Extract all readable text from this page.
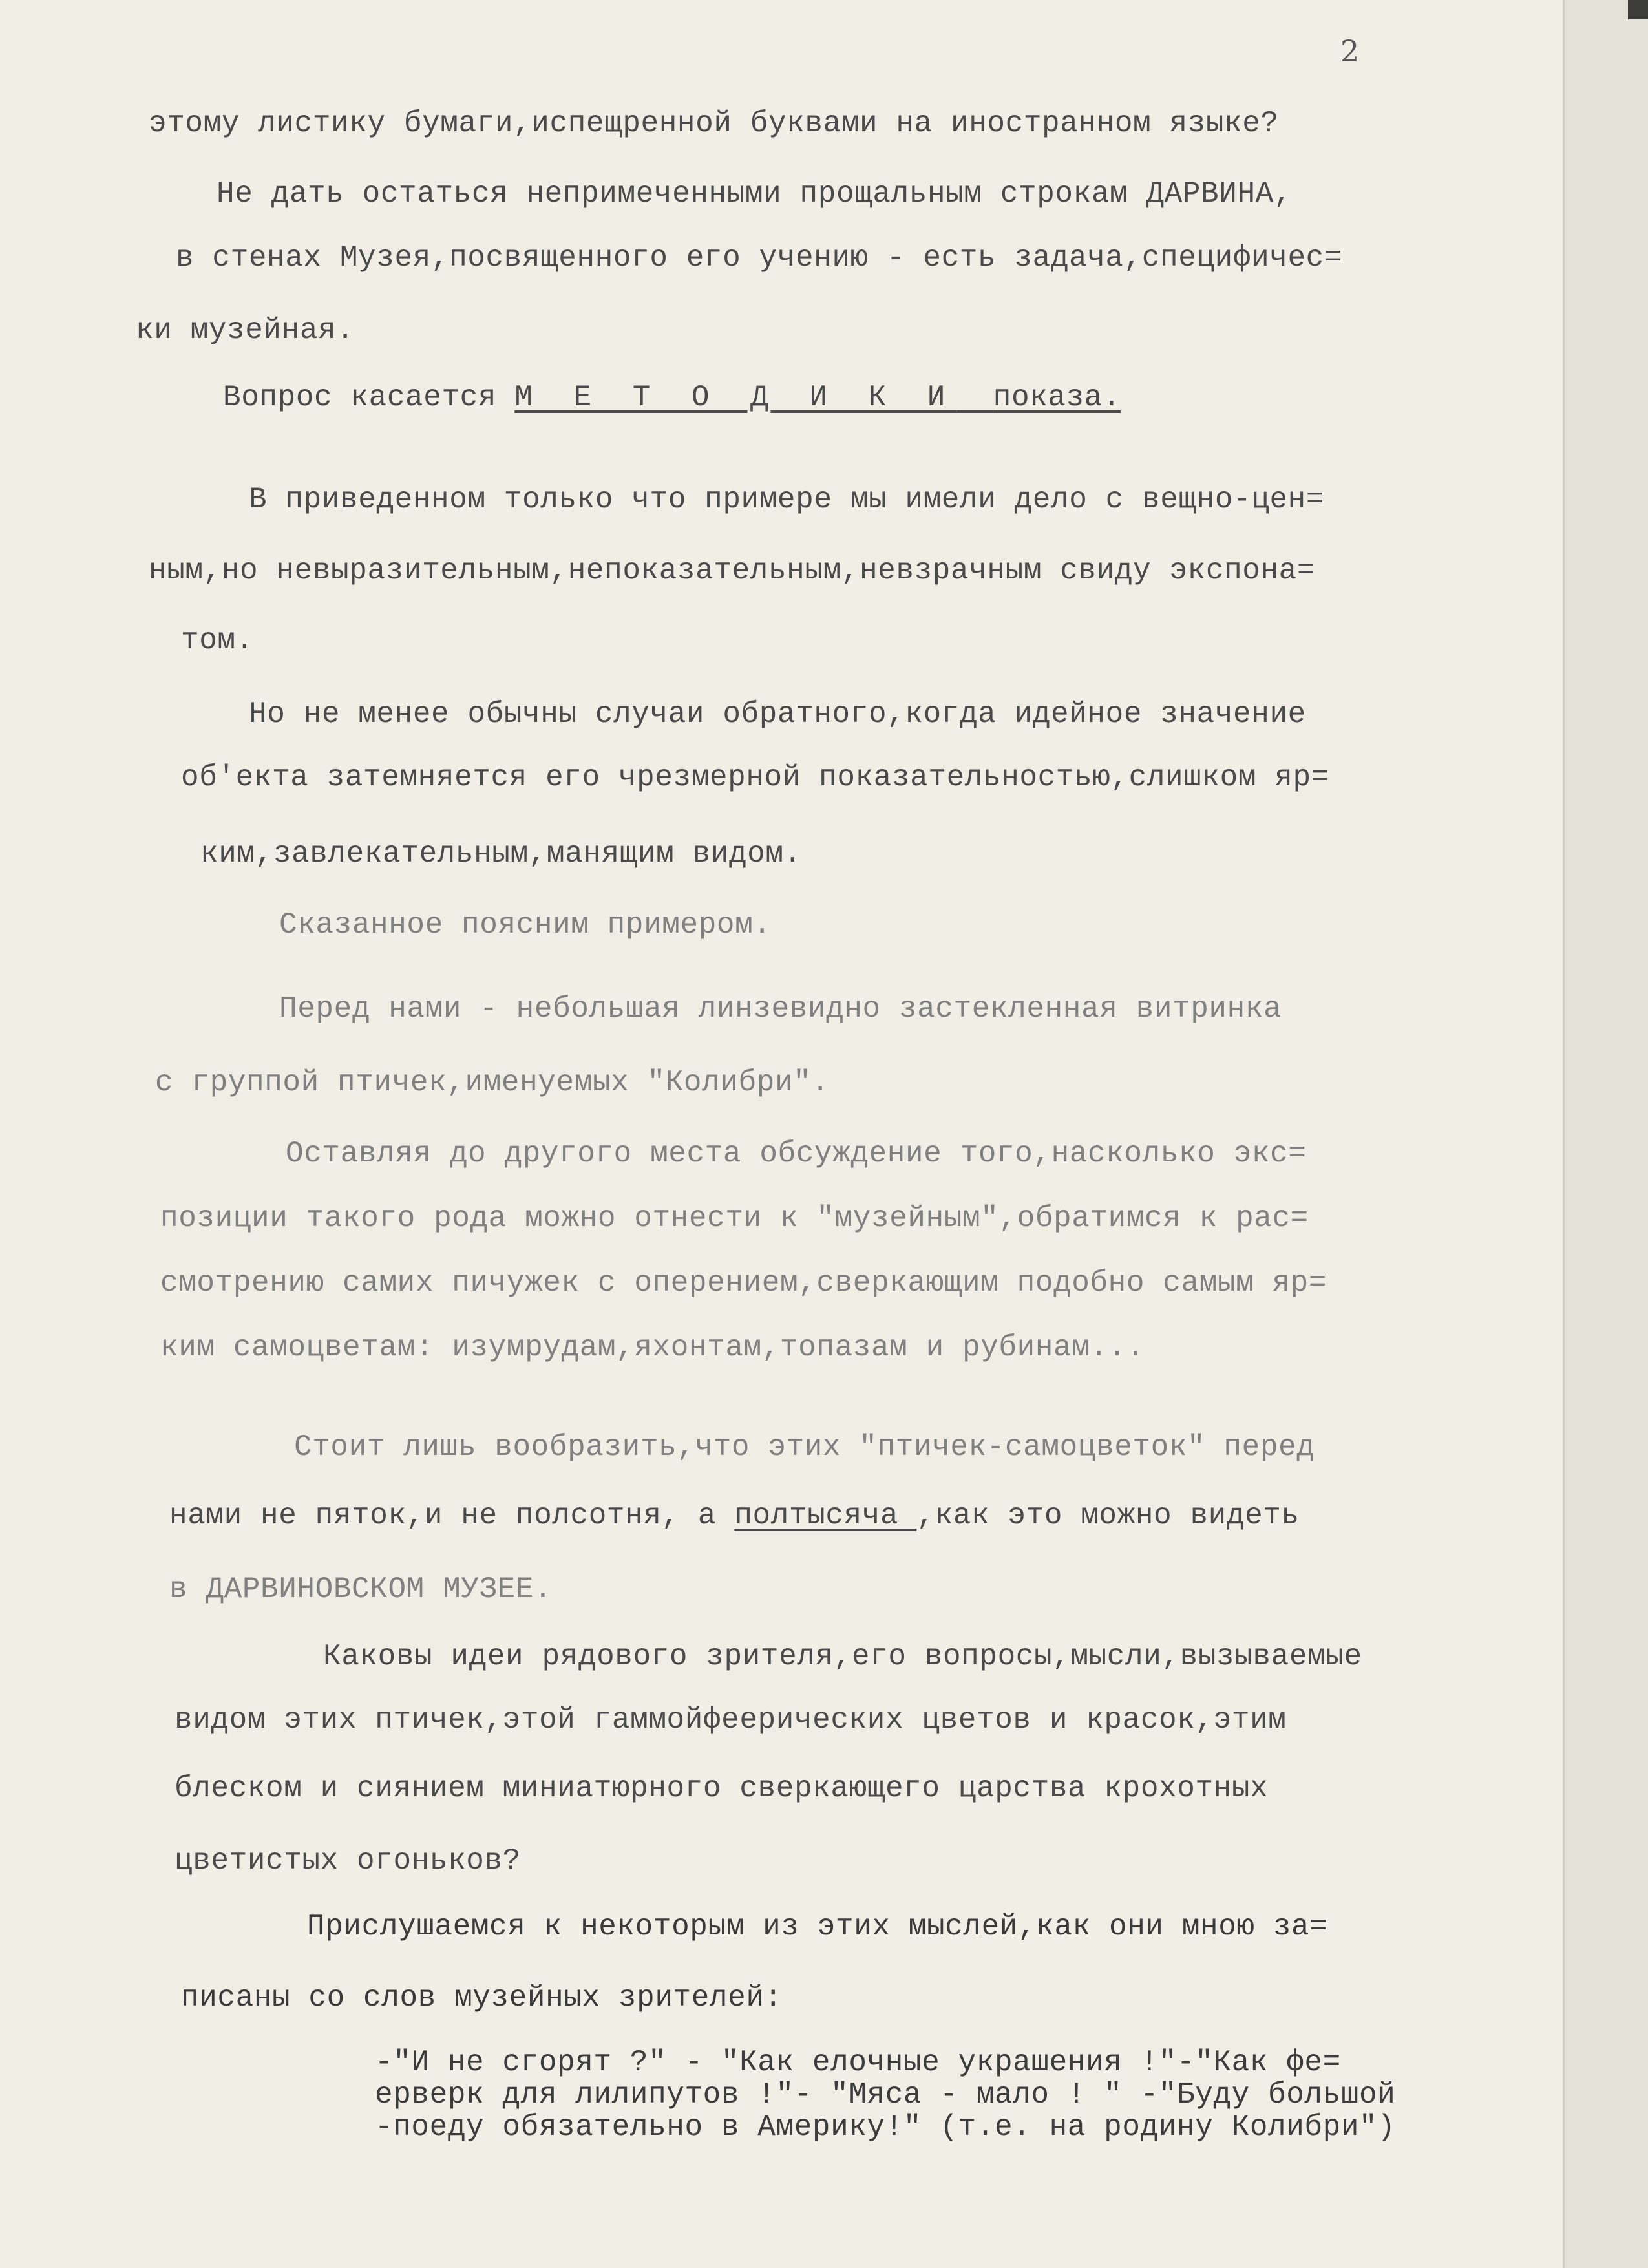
2
этому листику бумаги,испещренной буквами на иностранном языке?
Не дать остаться непримеченными прощальным строкам ДАРВИНА,
в стенах Музея,посвященного его учению - есть задача,специфичес=
ки музейная.
Вопрос касается М Е Т О Д И К И показа.
В приведенном только что примере мы имели дело с вещно-цен=
ным,но невыразительным,непоказательным,невзрачным свиду экспона=
том.
Но не менее обычны случаи обратного,когда идейное значение
об'екта затемняется его чрезмерной показательностью,слишком яр=
ким,завлекательным,манящим видом.
Сказанное поясним примером.
Перед нами - небольшая линзевидно застекленная витринка
с группой птичек,именуемых "Колибри".
Оставляя до другого места обсуждение того,насколько экс=
позиции такого рода можно отнести к "музейным",обратимся к рас=
смотрению самих пичужек с оперением,сверкающим подобно самым яр=
ким самоцветам: изумрудам,яхонтам,топазам и рубинам...
Стоит лишь вообразить,что этих "птичек-самоцветок" перед
нами не пяток,и не полсотня, а полтысяча ,как это можно видеть
в ДАРВИНОВСКОМ МУЗЕЕ.
Каковы идеи рядового зрителя,его вопросы,мысли,вызываемые
видом этих птичек,этой гаммойфеерических цветов и красок,этим
блеском и сиянием миниатюрного сверкающего царства крохотных
цветистых огоньков?
Прислушаемся к некоторым из этих мыслей,как они мною за=
писаны со слов музейных зрителей:
-"И не сгорят ?" - "Как елочные украшения !"-"Как фе=
ерверк для лилипутов !"- "Мяса - мало ! " -"Буду большой
-поеду обязательно в Америку!" (т.е. на родину Колибри")
